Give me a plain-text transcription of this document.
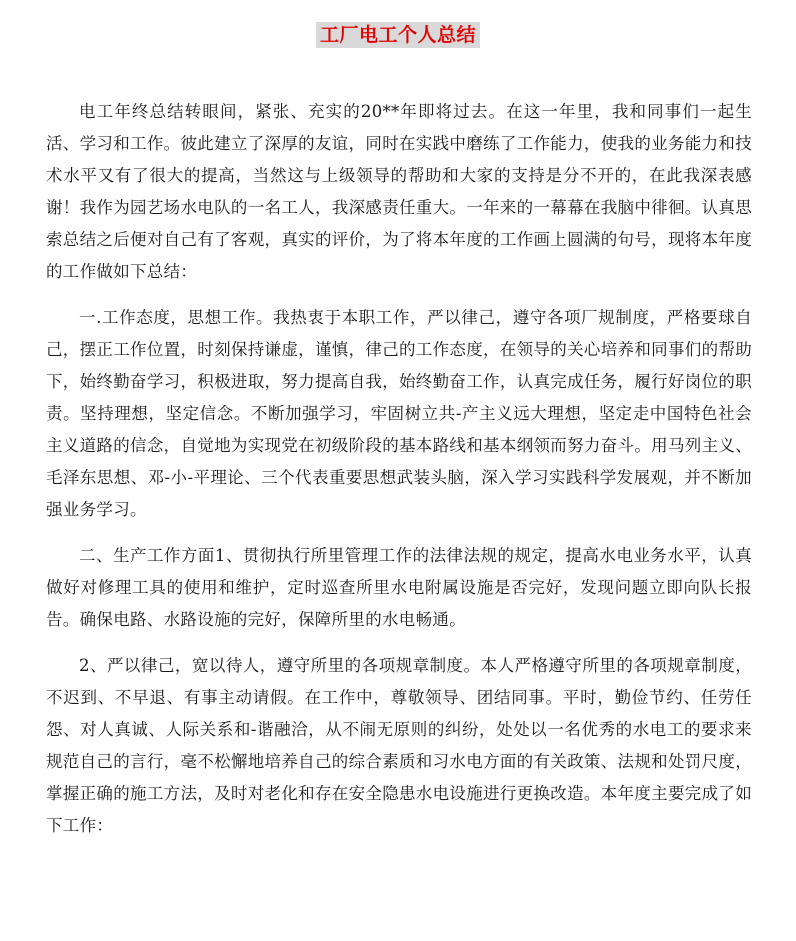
工厂电工个人总结

电工年终总结转眼间，紧张、充实的20**年即将过去。在这一年里，我和同事们一起生活、学习和工作。彼此建立了深厚的友谊，同时在实践中磨练了工作能力，使我的业务能力和技术水平又有了很大的提高，当然这与上级领导的帮助和大家的支持是分不开的，在此我深表感谢！我作为园艺场水电队的一名工人，我深感责任重大。一年来的一幕幕在我脑中徘徊。认真思索总结之后便对自己有了客观，真实的评价，为了将本年度的工作画上圆满的句号，现将本年度的工作做如下总结：

一.工作态度，思想工作。我热衷于本职工作，严以律己，遵守各项厂规制度，严格要球自己，摆正工作位置，时刻保持谦虚，谨慎，律己的工作态度，在领导的关心培养和同事们的帮助下，始终勤奋学习，积极进取，努力提高自我，始终勤奋工作，认真完成任务，履行好岗位的职责。坚持理想，坚定信念。不断加强学习，牢固树立共-产主义远大理想，坚定走中国特色社会主义道路的信念，自觉地为实现党在初级阶段的基本路线和基本纲领而努力奋斗。用马列主义、毛泽东思想、邓-小-平理论、三个代表重要思想武装头脑，深入学习实践科学发展观，并不断加强业务学习。

二、生产工作方面1、贯彻执行所里管理工作的法律法规的规定，提高水电业务水平，认真做好对修理工具的使用和维护，定时巡查所里水电附属设施是否完好，发现问题立即向队长报告。确保电路、水路设施的完好，保障所里的水电畅通。

2、严以律己，宽以待人，遵守所里的各项规章制度。本人严格遵守所里的各项规章制度，不迟到、不早退、有事主动请假。在工作中，尊敬领导、团结同事。平时，勤俭节约、任劳任怨、对人真诚、人际关系和-谐融洽，从不闹无原则的纠纷，处处以一名优秀的水电工的要求来规范自己的言行，毫不松懈地培养自己的综合素质和习水电方面的有关政策、法规和处罚尺度，掌握正确的施工方法，及时对老化和存在安全隐患水电设施进行更换改造。本年度主要完成了如下工作：
